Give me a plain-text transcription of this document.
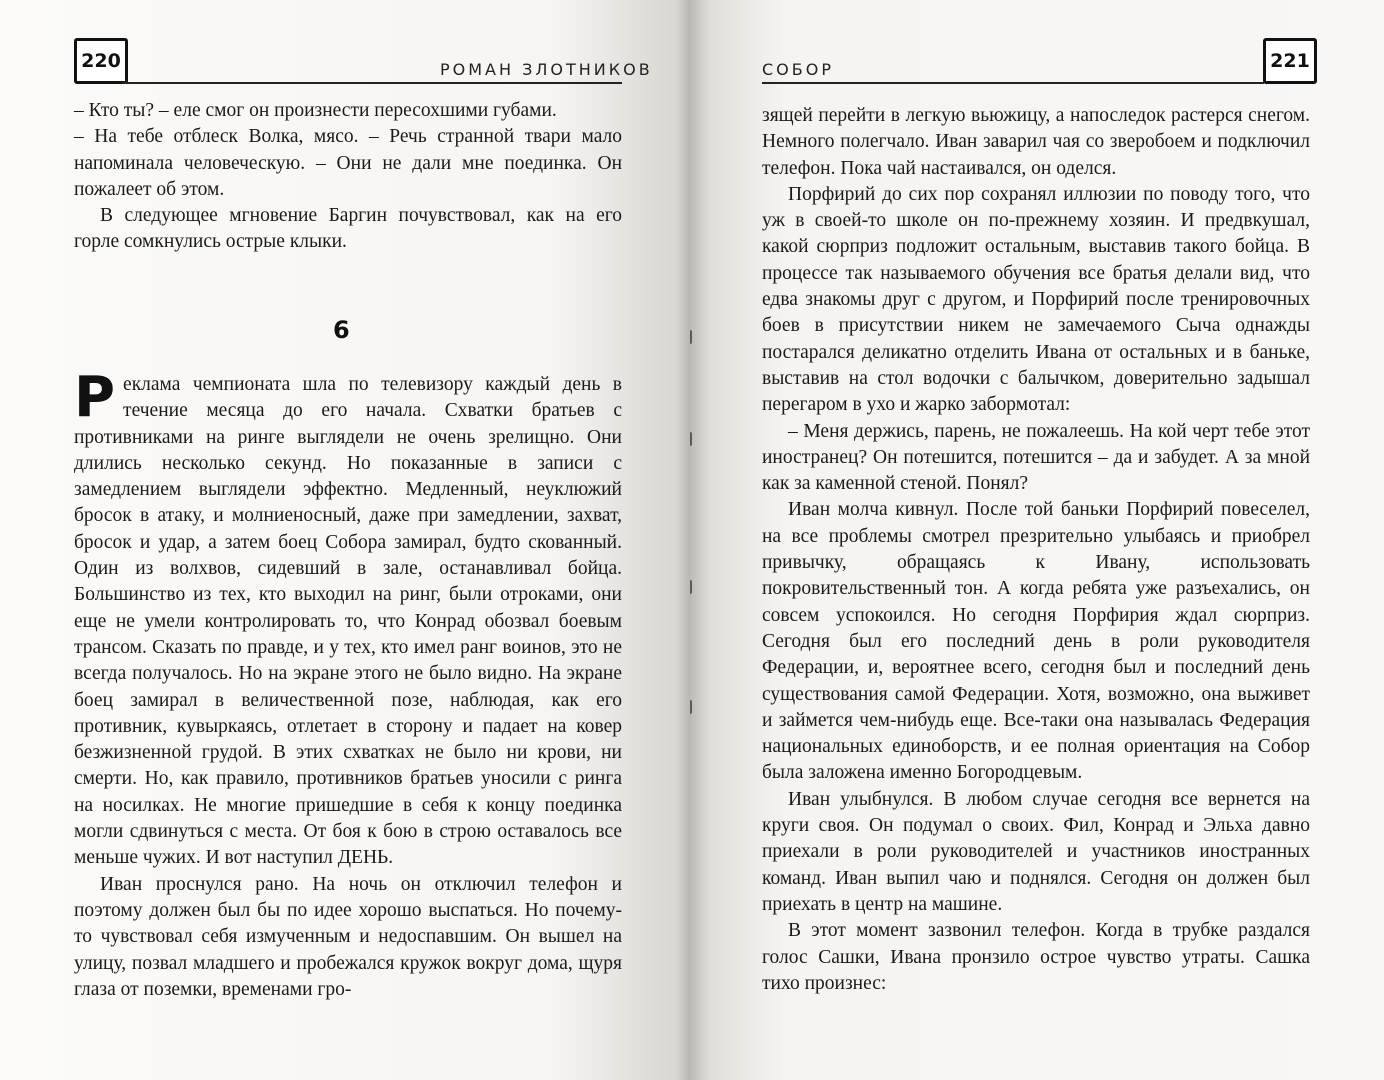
220	РОМАН ЗЛОТНИКОВ

– Кто ты? – еле смог он произнести пересохшими губами.

– На тебе отблеск Волка, мясо. – Речь странной твари мало напоминала человеческую. – Они не дали мне поединка. Он пожалеет об этом.

В следующее мгновение Баргин почувствовал, как на его горле сомкнулись острые клыки.

6

Реклама чемпионата шла по телевизору каждый день в течение месяца до его начала. Схватки братьев с противниками на ринге выглядели не очень зрелищно. Они длились несколько секунд. Но показанные в записи с замедлением выглядели эффектно. Медленный, неуклюжий бросок в атаку, и молниеносный, даже при замедлении, захват, бросок и удар, а затем боец Собора замирал, будто скованный. Один из волхвов, сидевший в зале, останавливал бойца. Большинство из тех, кто выходил на ринг, были отроками, они еще не умели контролировать то, что Конрад обозвал боевым трансом. Сказать по правде, и у тех, кто имел ранг воинов, это не всегда получалось. Но на экране этого не было видно. На экране боец замирал в величественной позе, наблюдая, как его противник, кувыркаясь, отлетает в сторону и падает на ковер безжизненной грудой. В этих схватках не было ни крови, ни смерти. Но, как правило, противников братьев уносили с ринга на носилках. Не многие пришедшие в себя к концу поединка могли сдвинуться с места. От боя к бою в строю оставалось все меньше чужих. И вот наступил ДЕНЬ.

Иван проснулся рано. На ночь он отключил телефон и поэтому должен был бы по идее хорошо выспаться. Но почему-то чувствовал себя измученным и недоспавшим. Он вышел на улицу, позвал младшего и пробежался кружок вокруг дома, щуря глаза от поземки, временами гро-

221
СОБОР

зящей перейти в легкую вьюжицу, а напоследок растерся снегом. Немного полегчало. Иван заварил чая со зверобоем и подключил телефон. Пока чай настаивался, он оделся.

Порфирий до сих пор сохранял иллюзии по поводу того, что уж в своей-то школе он по-прежнему хозяин. И предвкушал, какой сюрприз подложит остальным, выставив такого бойца. В процессе так называемого обучения все братья делали вид, что едва знакомы друг с другом, и Порфирий после тренировочных боев в присутствии никем не замечаемого Сыча однажды постарался деликатно отделить Ивана от остальных и в баньке, выставив на стол водочки с балычком, доверительно задышал перегаром в ухо и жарко забормотал:

– Меня держись, парень, не пожалеешь. На кой черт тебе этот иностранец? Он потешится, потешится – да и забудет. А за мной как за каменной стеной. Понял?

Иван молча кивнул. После той баньки Порфирий повеселел, на все проблемы смотрел презрительно улыбаясь и приобрел привычку, обращаясь к Ивану, использовать покровительственный тон. А когда ребята уже разъехались, он совсем успокоился. Но сегодня Порфирия ждал сюрприз. Сегодня был его последний день в роли руководителя Федерации, и, вероятнее всего, сегодня был и последний день существования самой Федерации. Хотя, возможно, она выживет и займется чем-нибудь еще. Все-таки она называлась Федерация национальных единоборств, и ее полная ориентация на Собор была заложена именно Богородцевым.

Иван улыбнулся. В любом случае сегодня все вернется на круги своя. Он подумал о своих. Фил, Конрад и Эльха давно приехали в роли руководителей и участников иностранных команд. Иван выпил чаю и поднялся. Сегодня он должен был приехать в центр на машине.

В этот момент зазвонил телефон. Когда в трубке раздался голос Сашки, Ивана пронзило острое чувство утраты. Сашка тихо произнес:
